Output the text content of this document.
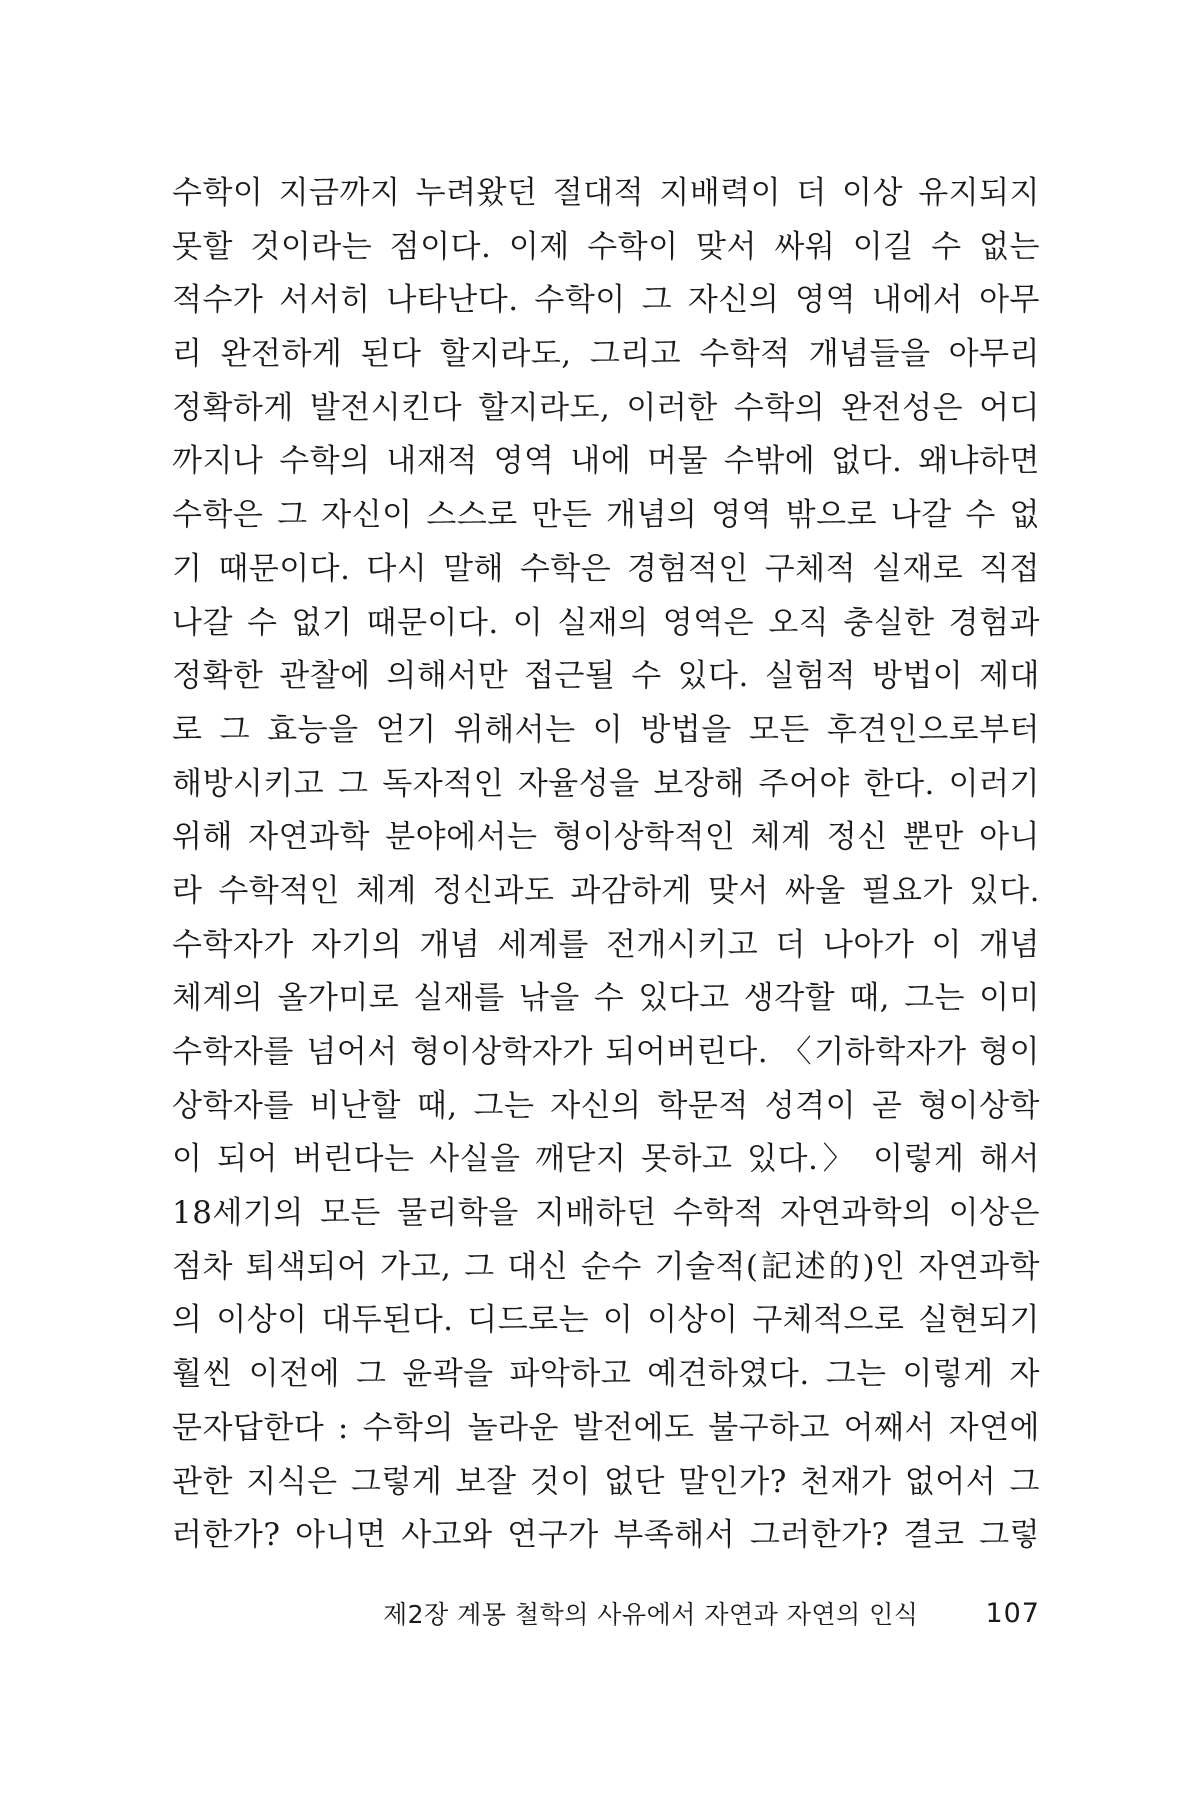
수학이 지금까지 누려왔던 절대적 지배력이 더 이상 유지되지
못할 것이라는 점이다. 이제 수학이 맞서 싸워 이길 수 없는
적수가 서서히 나타난다. 수학이 그 자신의 영역 내에서 아무
리 완전하게 된다 할지라도, 그리고 수학적 개념들을 아무리
정확하게 발전시킨다 할지라도, 이러한 수학의 완전성은 어디
까지나 수학의 내재적 영역 내에 머물 수밖에 없다. 왜냐하면
수학은 그 자신이 스스로 만든 개념의 영역 밖으로 나갈 수 없
기 때문이다. 다시 말해 수학은 경험적인 구체적 실재로 직접
나갈 수 없기 때문이다. 이 실재의 영역은 오직 충실한 경험과
정확한 관찰에 의해서만 접근될 수 있다. 실험적 방법이 제대
로 그 효능을 얻기 위해서는 이 방법을 모든 후견인으로부터
해방시키고 그 독자적인 자율성을 보장해 주어야 한다. 이러기
위해 자연과학 분야에서는 형이상학적인 체계 정신 뿐만 아니
라 수학적인 체계 정신과도 과감하게 맞서 싸울 필요가 있다.
수학자가 자기의 개념 세계를 전개시키고 더 나아가 이 개념
체계의 올가미로 실재를 낚을 수 있다고 생각할 때, 그는 이미
수학자를 넘어서 형이상학자가 되어버린다. 〈기하학자가 형이
상학자를 비난할 때, 그는 자신의 학문적 성격이 곧 형이상학
이 되어 버린다는 사실을 깨닫지 못하고 있다.〉 이렇게 해서
18세기의 모든 물리학을 지배하던 수학적 자연과학의 이상은
점차 퇴색되어 가고, 그 대신 순수 기술적(記述的)인 자연과학
의 이상이 대두된다. 디드로는 이 이상이 구체적으로 실현되기
훨씬 이전에 그 윤곽을 파악하고 예견하였다. 그는 이렇게 자
문자답한다 : 수학의 놀라운 발전에도 불구하고 어째서 자연에
관한 지식은 그렇게 보잘 것이 없단 말인가? 천재가 없어서 그
러한가? 아니면 사고와 연구가 부족해서 그러한가? 결코 그렇
제2장 계몽 철학의 사유에서 자연과 자연의 인식 107
